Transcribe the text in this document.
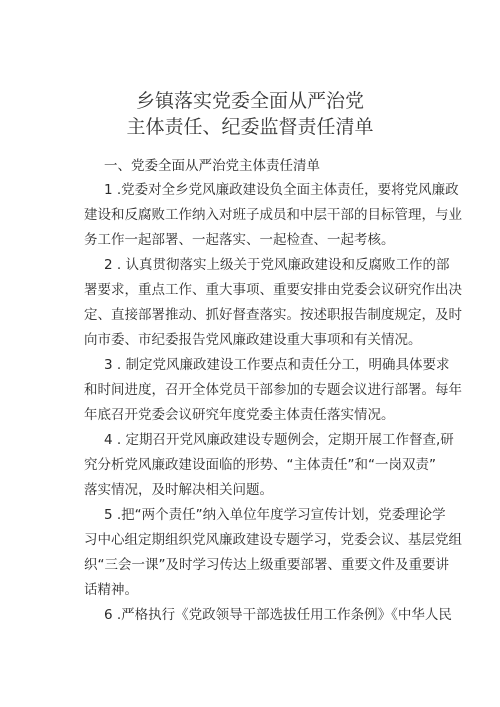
乡镇落实党委全面从严治党
主体责任、纪委监督责任清单
一、党委全面从严治党主体责任清单
1 .党委对全乡党风廉政建设负全面主体责任，要将党风廉政
建设和反腐败工作纳入对班子成员和中层干部的目标管理，与业
务工作一起部署、一起落实、一起检查、一起考核。
2 . 认真贯彻落实上级关于党风廉政建设和反腐败工作的部
署要求，重点工作、重大事项、重要安排由党委会议研究作出决
定、直接部署推动、抓好督查落实。按述职报告制度规定，及时
向市委、市纪委报告党风廉政建设重大事项和有关情况。
3 . 制定党风廉政建设工作要点和责任分工，明确具体要求
和时间进度，召开全体党员干部参加的专题会议进行部署。每年
年底召开党委会议研究年度党委主体责任落实情况。
4 . 定期召开党风廉政建设专题例会，定期开展工作督查,研
究分析党风廉政建设面临的形势、“主体责任”和“一岗双责”
落实情况，及时解决相关问题。
5 .把“两个责任”纳入单位年度学习宣传计划，党委理论学
习中心组定期组织党风廉政建设专题学习，党委会议、基层党组
织“三会一课”及时学习传达上级重要部署、重要文件及重要讲
话精神。
6 .严格执行《党政领导干部选拔任用工作条例》《中华人民
